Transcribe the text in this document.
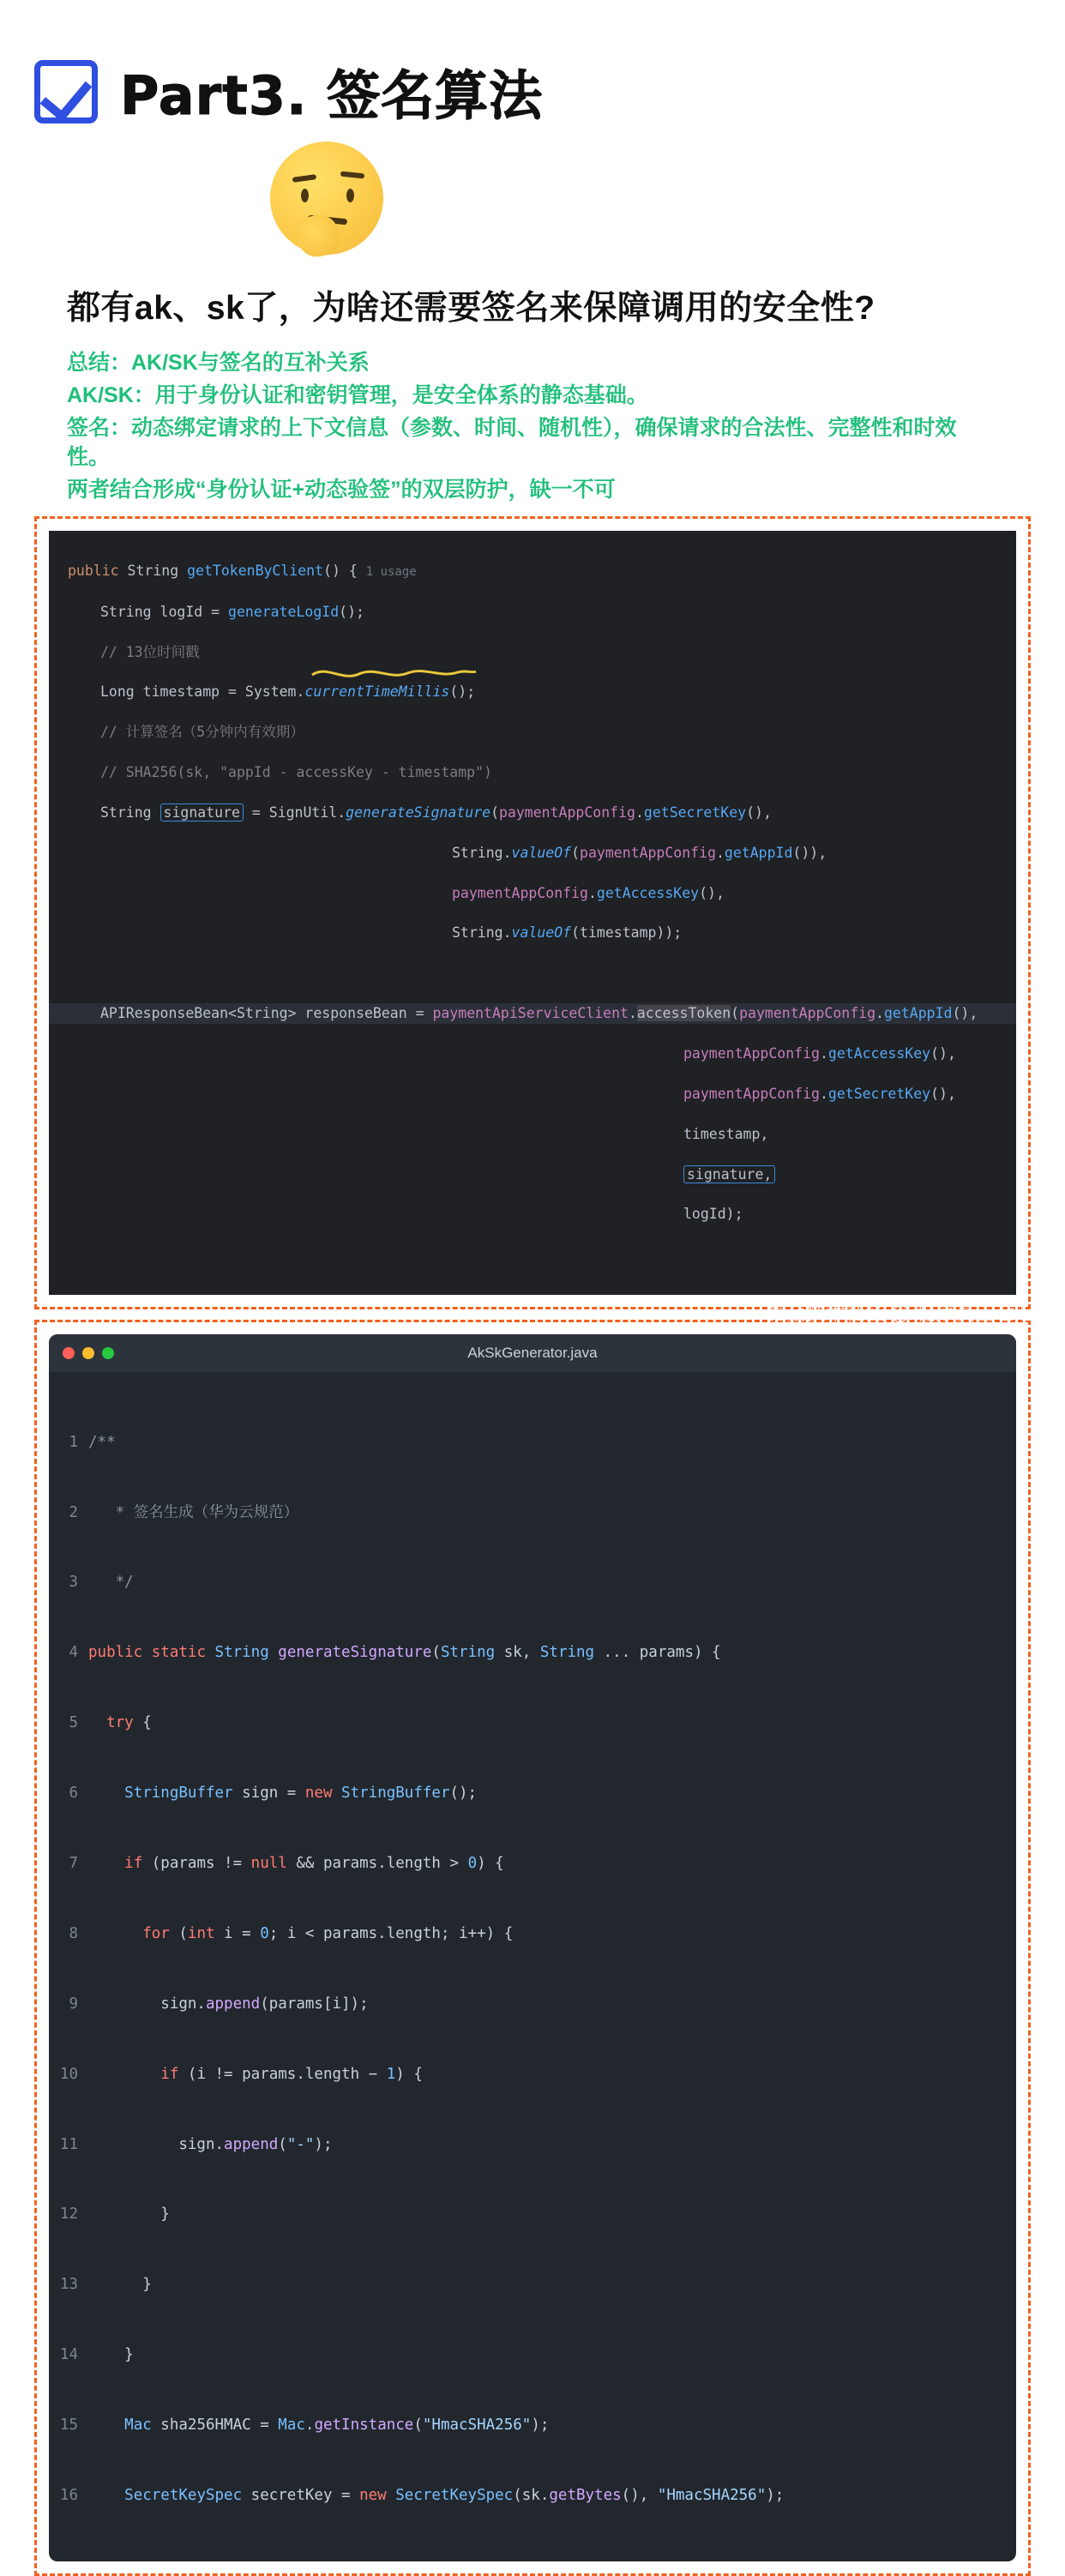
Part3. 签名算法
都有ak、sk了，为啥还需要签名来保障调用的安全性?

总结：AK/SK与签名的互补关系

AK/SK：用于身份认证和密钥管理，是安全体系的静态基础。

签名：动态绑定请求的上下文信息（参数、时间、随机性），确保请求的合法性、完整性和时效性。

两者结合形成“身份认证+动态验签”的双层防护，缺一不可

public String getTokenByClient() { 1 usage

String logId = generateLogId();

// 13位时间戳

Long timestamp = System.currentTimeMillis();

// 计算签名（5分钟内有效期）

// SHA256(sk, "appId - accessKey - timestamp")

String signature = SignUtil.generateSignature(paymentAppConfig.getSecretKey(),

String.valueOf(paymentAppConfig.getAppId()),

paymentAppConfig.getAccessKey(),

String.valueOf(timestamp));

APIResponseBean<String> responseBean = paymentApiServiceClient.accessToken(paymentAppConfig.getAppId(),

paymentAppConfig.getAccessKey(),

paymentAppConfig.getSecretKey(),

timestamp,

signature,

logId);

AkSkGenerator.java

1 /**

2 * 签名生成（华为云规范）

3 */

4 public static String generateSignature(String sk, String ... params) {

5	try {

6	StringBuffer sign = new StringBuffer();

7	if (params != null && params.length > 0) {

8	for (int i = 0; i < params.length; i++) {

9 sign.append(params[i]);

10	if (i != params.length − 1) {

11 sign.append("-");

12 }

13 }

14 }

15	Mac sha256HMAC = Mac.getInstance("HmacSHA256");

16	SecretKeySpec secretKey = new SecretKeySpec(sk.getBytes(), "HmacSHA256");

掘金技术社区 @ 程序员王七七
